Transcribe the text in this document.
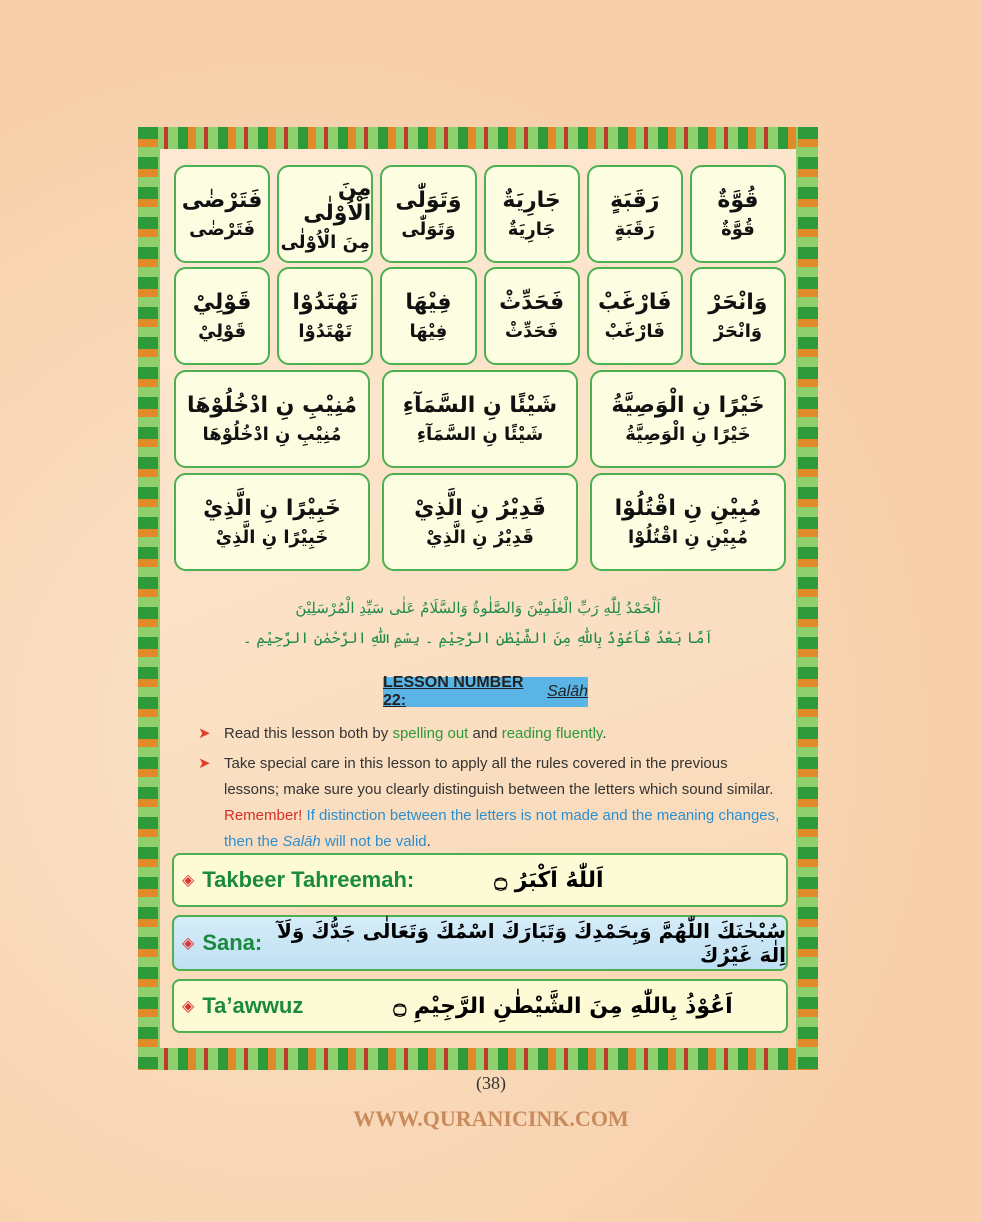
قُوَّةٌ
قُوَّةٌ
رَقَبَةٍ
رَقَبَةٍ
جَارِيَةٌ
جَارِيَةٌ
وَتَوَلّٰى
وَتَوَلّٰى
مِنَ الْاُوْلٰى
مِنَ الْاُوْلٰى
فَتَرْضٰى
فَتَرْضٰى
وَانْحَرْ
وَانْحَرْ
فَارْغَبْ
فَارْغَبْ
فَحَدِّثْ
فَحَدِّثْ
فِيْهَا
فِيْهَا
تَهْتَدُوْا
تَهْتَدُوْا
قَوْلِيْ
قَوْلِيْ
خَيْرًا نِ الْوَصِيَّةُ
خَيْرًا نِ الْوَصِيَّةُ
شَيْئًا نِ السَّمَآءِ
شَيْئًا نِ السَّمَآءِ
مُنِيْبِ نِ ادْخُلُوْهَا
مُنِيْبِ نِ ادْخُلُوْهَا
مُبِيْنِ نِ اقْتُلُوْا
مُبِيْنِ نِ اقْتُلُوْا
قَدِيْرُ نِ الَّذِيْ
قَدِيْرُ نِ الَّذِيْ
خَبِيْرًا نِ الَّذِيْ
خَبِيْرًا نِ الَّذِيْ
اَلْحَمْدُ لِلّٰهِ رَبِّ الْعٰلَمِيْنَ وَالصَّلٰوةُ وَالسَّلَامُ عَلٰى سَيِّدِ الْمُرْسَلِيْنَ
اَمَّا بَعْدُ فَاَعُوْذُ بِاللّٰهِ مِنَ الشَّيْطٰنِ الرَّجِيْمِ ۔ بِسْمِ اللّٰهِ الرَّحْمٰنِ الرَّحِيْمِ ۔
LESSON NUMBER 22:
Salāh
➤ Read this lesson both by spelling out and reading fluently.
➤ Take special care in this lesson to apply all the rules covered in the previous lessons; make sure you clearly distinguish between the letters which sound similar. Remember! If distinction between the letters is not made and the meaning changes, then the Salāh will not be valid.
◈ Takbeer Tahreemah:	اَللّٰهُ اَكْبَرُ ۝
◈ Sana: سُبْحٰنَكَ اللّٰهُمَّ وَبِحَمْدِكَ وَتَبَارَكَ اسْمُكَ وَتَعَالٰى جَدُّكَ وَلَآ اِلٰهَ غَيْرُكَ
◈ Ta’awwuz	اَعُوْذُ بِاللّٰهِ مِنَ الشَّيْطٰنِ الرَّجِيْمِ ۝
(38)
WWW.QURANICINK.COM
